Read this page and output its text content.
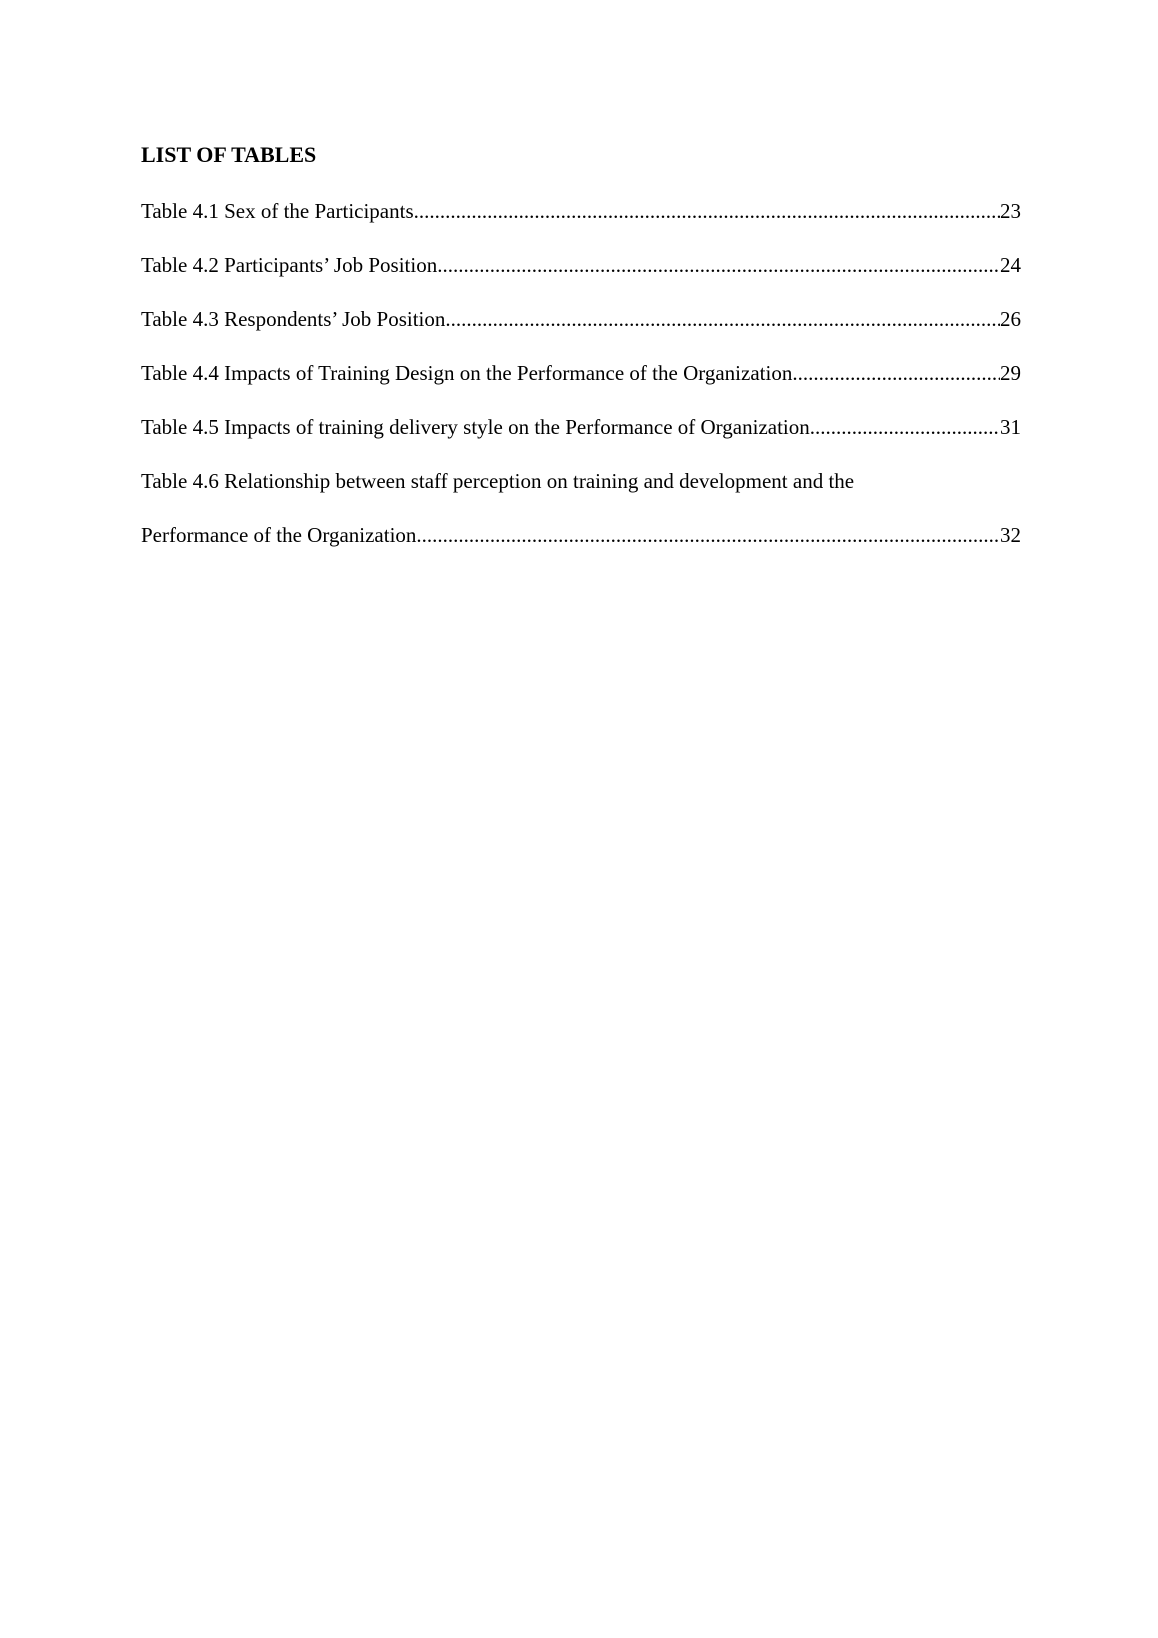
LIST OF TABLES
Table 4.1 Sex of the Participants .....	23
Table 4.2 Participants’ Job Position .....	24
Table 4.3 Respondents’ Job Position .....	26
Table 4.4 Impacts of Training Design on the Performance of the Organization .....	29
Table 4.5 Impacts of training delivery style on the Performance of Organization .....	31
Table 4.6 Relationship between staff perception on training and development and the
Performance of the Organization .....	32
